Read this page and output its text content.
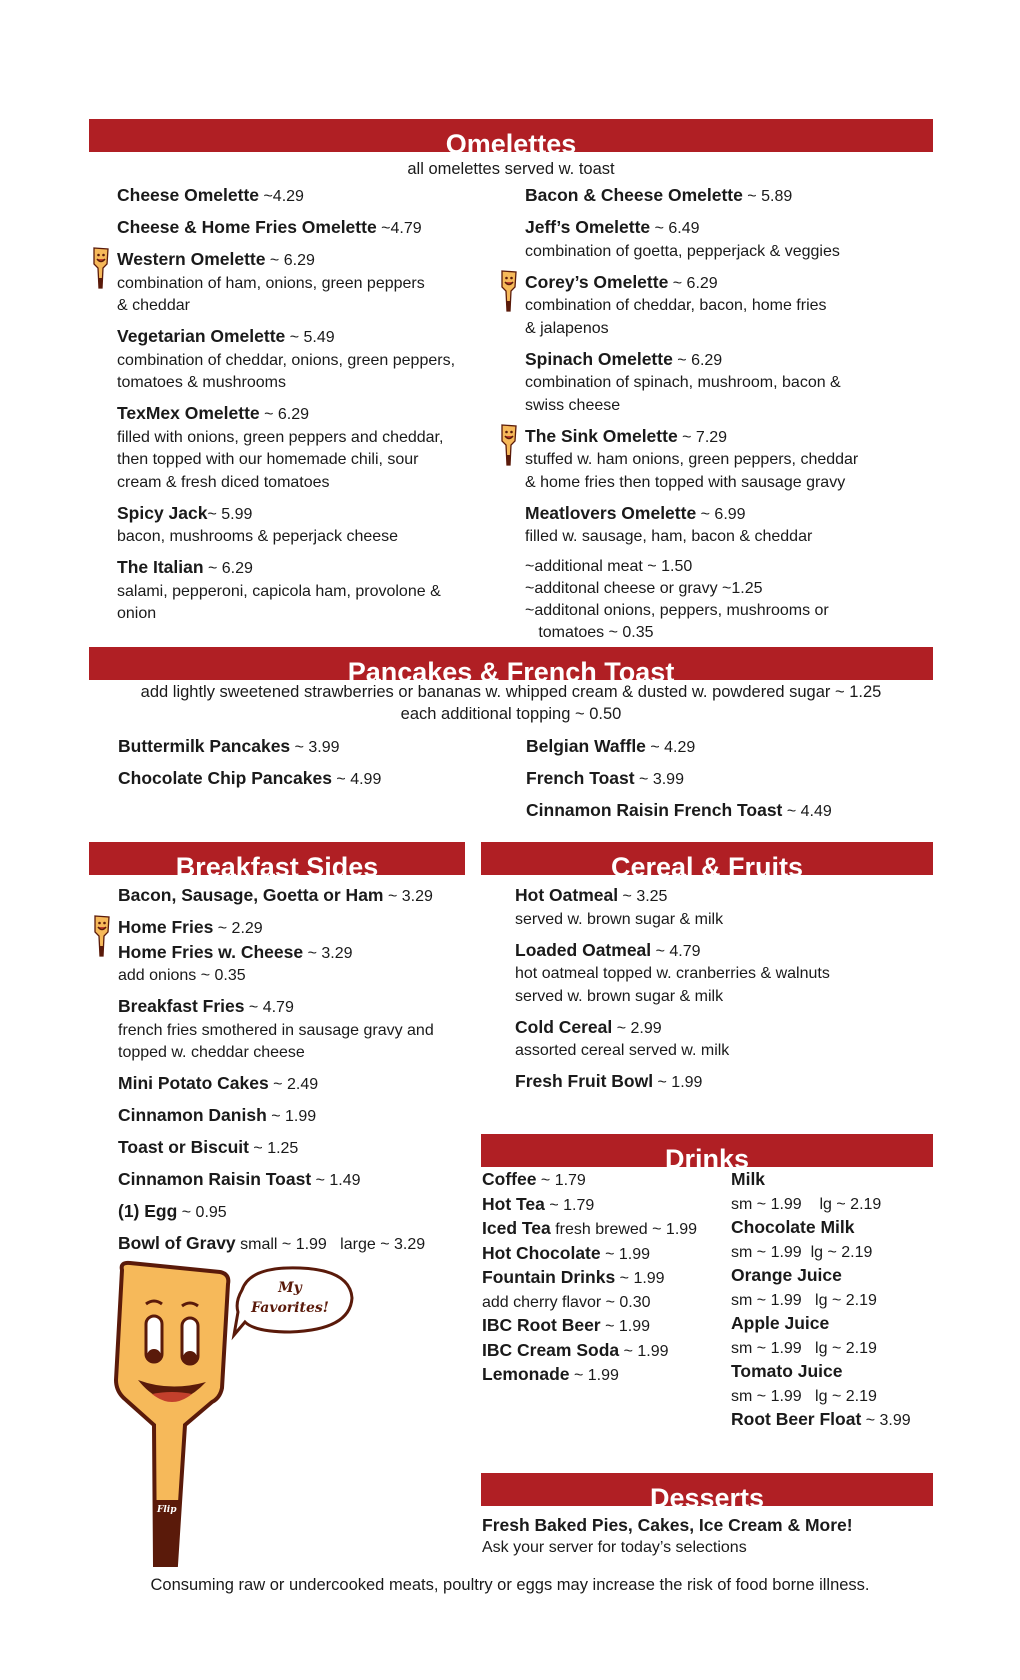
Omelettes
all omelettes served w. toast
Cheese Omelette ~4.29
Cheese & Home Fries Omelette ~4.79
Western Omelette ~ 6.29
combination of ham, onions, green peppers
& cheddar
Vegetarian Omelette ~ 5.49
combination of cheddar, onions, green peppers,
tomatoes & mushrooms
TexMex Omelette ~ 6.29
filled with onions, green peppers and cheddar,
then topped with our homemade chili, sour
cream & fresh diced tomatoes
Spicy Jack~ 5.99
bacon, mushrooms & peperjack cheese
The Italian ~ 6.29
salami, pepperoni, capicola ham, provolone &
onion
Bacon & Cheese Omelette ~ 5.89
Jeff’s Omelette ~ 6.49
combination of goetta, pepperjack & veggies
Corey’s Omelette ~ 6.29
combination of cheddar, bacon, home fries
& jalapenos
Spinach Omelette ~ 6.29
combination of spinach, mushroom, bacon &
swiss cheese
The Sink Omelette ~ 7.29
stuffed w. ham onions, green peppers, cheddar
& home fries then topped with sausage gravy
Meatlovers Omelette ~ 6.99
filled w. sausage, ham, bacon & cheddar
~additional meat ~ 1.50
~additonal cheese or gravy ~1.25
~additonal onions, peppers, mushrooms or
tomatoes ~ 0.35
Pancakes & French Toast
add lightly sweetened strawberries or bananas w. whipped cream & dusted w. powdered sugar ~ 1.25
each additional topping ~ 0.50
Buttermilk Pancakes ~ 3.99
Chocolate Chip Pancakes ~ 4.99
Belgian Waffle ~ 4.29
French Toast ~ 3.99
Cinnamon Raisin French Toast ~ 4.49
Breakfast Sides
Bacon, Sausage, Goetta or Ham ~ 3.29
Home Fries ~ 2.29
Home Fries w. Cheese ~ 3.29
add onions ~ 0.35
Breakfast Fries ~ 4.79
french fries smothered in sausage gravy and
topped w. cheddar cheese
Mini Potato Cakes ~ 2.49
Cinnamon Danish ~ 1.99
Toast or Biscuit ~ 1.25
Cinnamon Raisin Toast ~ 1.49
(1) Egg ~ 0.95
Bowl of Gravy small ~ 1.99   large ~ 3.29
Cereal & Fruits
Hot Oatmeal ~ 3.25
served w. brown sugar & milk
Loaded Oatmeal ~ 4.79
hot oatmeal topped w. cranberries & walnuts
served w. brown sugar & milk
Cold Cereal ~ 2.99
assorted cereal served w. milk
Fresh Fruit Bowl ~ 1.99
Drinks
Coffee ~ 1.79
Hot Tea ~ 1.79
Iced Tea fresh brewed ~ 1.99
Hot Chocolate ~ 1.99
Fountain Drinks ~ 1.99
add cherry flavor ~ 0.30
IBC Root Beer ~ 1.99
IBC Cream Soda ~ 1.99
Lemonade ~ 1.99
Milk
sm ~ 1.99    lg ~ 2.19
Chocolate Milk
sm ~ 1.99  lg ~ 2.19
Orange Juice
sm ~ 1.99   lg ~ 2.19
Apple Juice
sm ~ 1.99   lg ~ 2.19
Tomato Juice
sm ~ 1.99   lg ~ 2.19
Root Beer Float ~ 3.99
Desserts
Fresh Baked Pies, Cakes, Ice Cream & More!
Ask your server for today’s selections
Flip
My
Favorites!
Consuming raw or undercooked meats, poultry or eggs may increase the risk of food borne illness.
